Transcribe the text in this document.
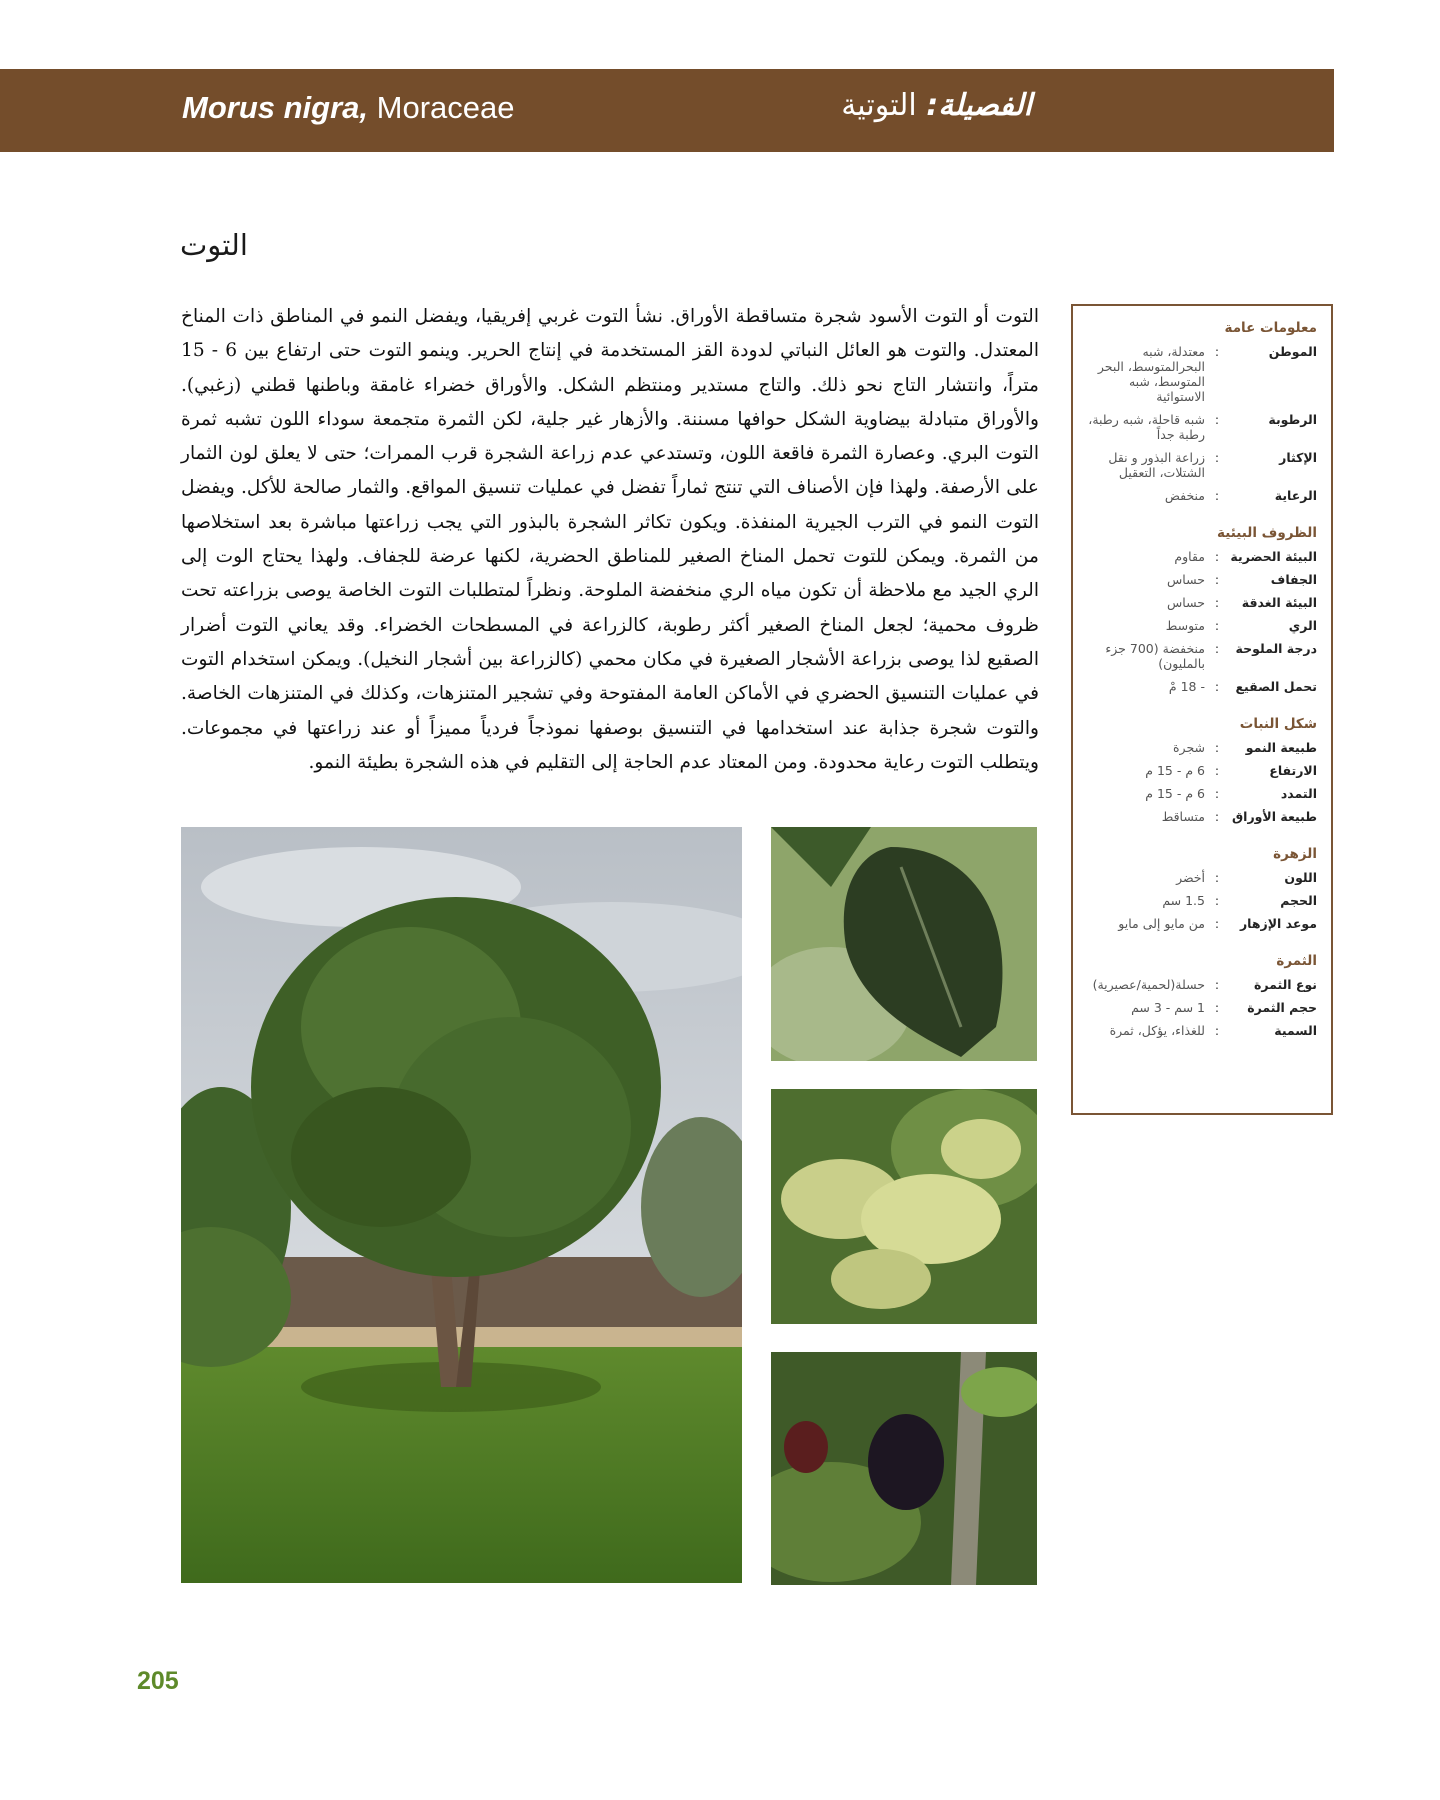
Morus nigra, Moraceae	الفصيلة: التوتية
التوت
التوت أو التوت الأسود شجرة متساقطة الأوراق. نشأ التوت غربي إفريقيا، ويفضل النمو في المناطق ذات المناخ المعتدل. والتوت هو العائل النباتي لدودة القز المستخدمة في إنتاج الحرير. وينمو التوت حتى ارتفاع بين 6 - 15 متراً، وانتشار التاج نحو ذلك. والتاج مستدير ومنتظم الشكل. والأوراق خضراء غامقة وباطنها قطني (زغبي). والأوراق متبادلة بيضاوية الشكل حوافها مسننة. والأزهار غير جلية، لكن الثمرة متجمعة سوداء اللون تشبه ثمرة التوت البري. وعصارة الثمرة فاقعة اللون، وتستدعي عدم زراعة الشجرة قرب الممرات؛ حتى لا يعلق لون الثمار على الأرصفة. ولهذا فإن الأصناف التي تنتج ثماراً تفضل في عمليات تنسيق المواقع. والثمار صالحة للأكل. ويفضل التوت النمو في الترب الجيرية المنفذة. ويكون تكاثر الشجرة بالبذور التي يجب زراعتها مباشرة بعد استخلاصها من الثمرة. ويمكن للتوت تحمل المناخ الصغير للمناطق الحضرية، لكنها عرضة للجفاف. ولهذا يحتاج الوت إلى الري الجيد مع ملاحظة أن تكون مياه الري منخفضة الملوحة. ونظراً لمتطلبات التوت الخاصة يوصى بزراعته تحت ظروف محمية؛ لجعل المناخ الصغير أكثر رطوبة، كالزراعة في المسطحات الخضراء. وقد يعاني التوت أضرار الصقيع لذا يوصى بزراعة الأشجار الصغيرة في مكان محمي (كالزراعة بين أشجار النخيل). ويمكن استخدام التوت في عمليات التنسيق الحضري في الأماكن العامة المفتوحة وفي تشجير المتنزهات، وكذلك في المتنزهات الخاصة. والتوت شجرة جذابة عند استخدامها في التنسيق بوصفها نموذجاً فردياً مميزاً أو عند زراعتها في مجموعات. ويتطلب التوت رعاية محدودة. ومن المعتاد عدم الحاجة إلى التقليم في هذه الشجرة بطيئة النمو.
معلومات عامة
الموطن
:
معتدلة، شبه البحرالمتوسط، البحر المتوسط، شبه الاستوائية
الرطوبة
:
شبه قاحلة، شبه رطبة، رطبة جداً
الإكثار
:
زراعة البذور و نقل الشتلات، التعقيل
الرعاية
:
منخفض
الظروف البيئية
البيئة الحضرية
:
مقاوم
الجفاف
:
حساس
البيئة الغدقة
:
حساس
الري
:
متوسط
درجة الملوحة
:
منخفضة (700 جزء بالمليون)
تحمل الصقيع
:
- 18 مْ
شكل النبات
طبيعة النمو
:
شجرة
الارتفاع
:
6 م - 15 م
التمدد
:
6 م - 15 م
طبيعة الأوراق
:
متساقط
الزهرة
اللون
:
أخضر
الحجم
:
1.5 سم
موعد الإزهار
:
من مايو إلى مايو
الثمرة
نوع الثمرة
:
حسلة(لحمية/عصيرية)
حجم الثمرة
:
1 سم - 3 سم
السمية
:
للغذاء، يؤكل، ثمرة
205
